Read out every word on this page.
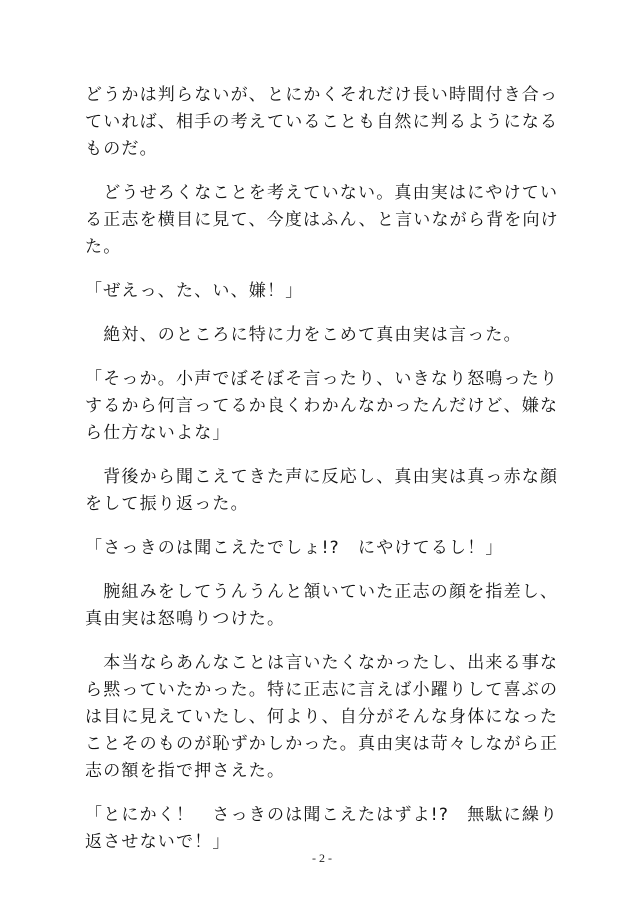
どうかは判らないが、とにかくそれだけ長い時間付き合っていれば、相手の考えていることも自然に判るようになるものだ。

　どうせろくなことを考えていない。真由実はにやけている正志を横目に見て、今度はふん、と言いながら背を向けた。

「ぜえっ、た、い、嫌！」

　絶対、のところに特に力をこめて真由実は言った。

「そっか。小声でぼそぼそ言ったり、いきなり怒鳴ったりするから何言ってるか良くわかんなかったんだけど、嫌なら仕方ないよな」

　背後から聞こえてきた声に反応し、真由実は真っ赤な顔をして振り返った。

「さっきのは聞こえたでしょ!?　にやけてるし！」

　腕組みをしてうんうんと頷いていた正志の顔を指差し、真由実は怒鳴りつけた。

　本当ならあんなことは言いたくなかったし、出来る事なら黙っていたかった。特に正志に言えば小躍りして喜ぶのは目に見えていたし、何より、自分がそんな身体になったことそのものが恥ずかしかった。真由実は苛々しながら正志の額を指で押さえた。

「とにかく！　さっきのは聞こえたはずよ!?　無駄に繰り返させないで！」

- 2 -
